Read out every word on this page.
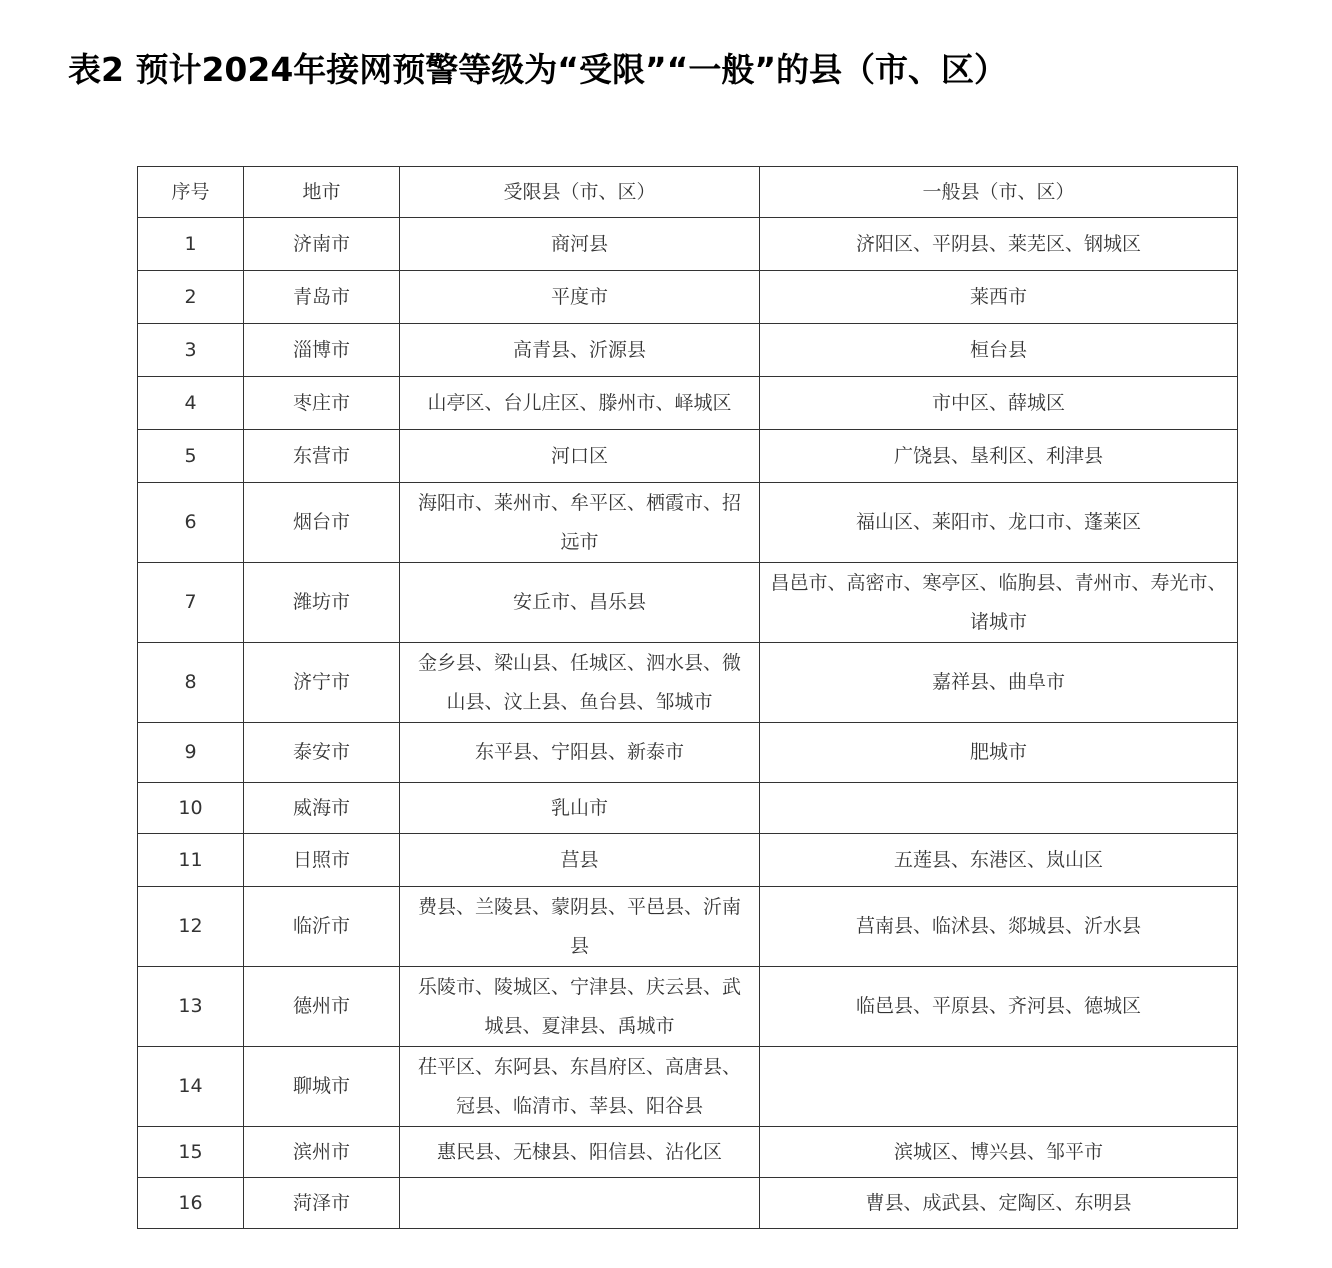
表2 预计2024年接网预警等级为“受限”“一般”的县（市、区）
序号	地市	受限县（市、区）	一般县（市、区）
1	济南市	商河县	济阳区、平阴县、莱芜区、钢城区
2	青岛市	平度市	莱西市
3	淄博市	高青县、沂源县	桓台县
4	枣庄市	山亭区、台儿庄区、滕州市、峄城区	市中区、薛城区
5	东营市	河口区	广饶县、垦利区、利津县
6	烟台市	海阳市、莱州市、牟平区、栖霞市、招远市	福山区、莱阳市、龙口市、蓬莱区
7	潍坊市	安丘市、昌乐县	昌邑市、高密市、寒亭区、临朐县、青州市、寿光市、诸城市
8	济宁市	金乡县、梁山县、任城区、泗水县、微山县、汶上县、鱼台县、邹城市	嘉祥县、曲阜市
9	泰安市	东平县、宁阳县、新泰市	肥城市
10	威海市	乳山市	
11	日照市	莒县	五莲县、东港区、岚山区
12	临沂市	费县、兰陵县、蒙阴县、平邑县、沂南县	莒南县、临沭县、郯城县、沂水县
13	德州市	乐陵市、陵城区、宁津县、庆云县、武城县、夏津县、禹城市	临邑县、平原县、齐河县、德城区
14	聊城市	茌平区、东阿县、东昌府区、高唐县、冠县、临清市、莘县、阳谷县	
15	滨州市	惠民县、无棣县、阳信县、沾化区	滨城区、博兴县、邹平市
16	菏泽市		曹县、成武县、定陶区、东明县
